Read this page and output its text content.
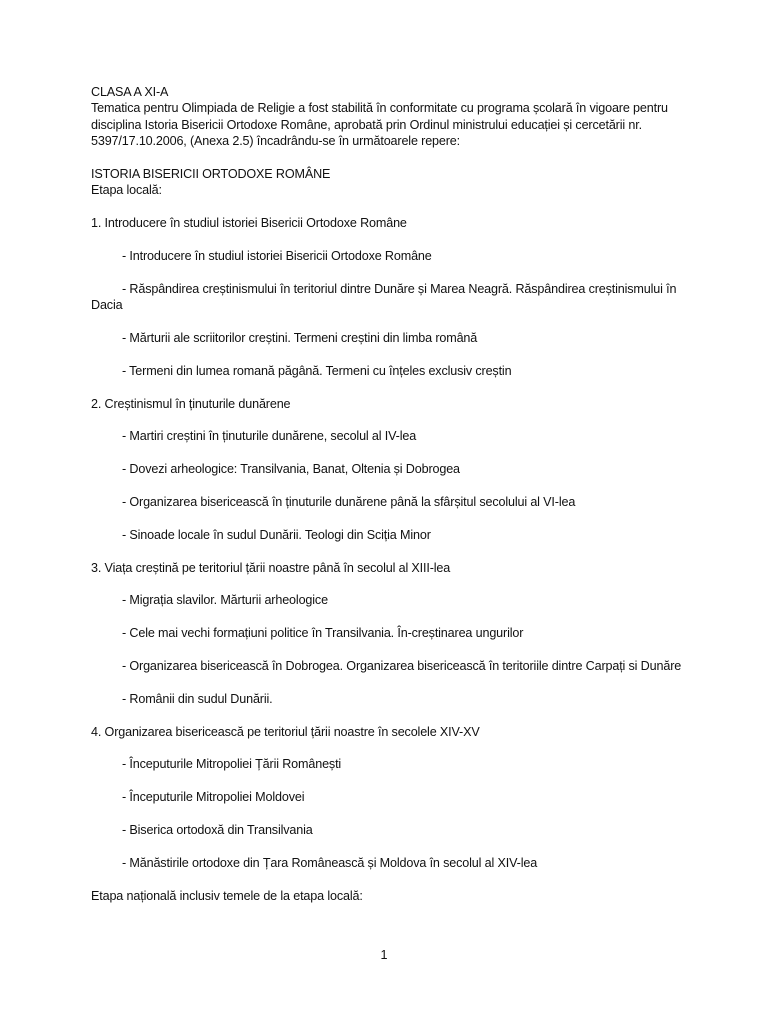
CLASA A XI-A

Tematica pentru Olimpiada de Religie a fost stabilită în conformitate cu programa școlară în vigoare pentru disciplina Istoria Bisericii Ortodoxe Române, aprobată prin Ordinul ministrului educației și cercetării nr. 5397/17.10.2006, (Anexa 2.5) încadrându-se în următoarele repere:

ISTORIA BISERICII ORTODOXE ROMÂNE

Etapa locală:

1. Introducere în studiul istoriei Bisericii Ortodoxe Române

- Introducere în studiul istoriei Bisericii Ortodoxe Române

- Răspândirea creștinismului în teritoriul dintre Dunăre și Marea Neagră. Răspândirea creștinismului în Dacia

- Mărturii ale scriitorilor creștini. Termeni creștini din limba română

- Termeni din lumea romană păgână. Termeni cu înțeles exclusiv creștin

2. Creștinismul în ținuturile dunărene

- Martiri creștini în ținuturile dunărene, secolul al IV-lea

- Dovezi arheologice: Transilvania, Banat, Oltenia și Dobrogea

- Organizarea bisericească în ținuturile dunărene până la sfârșitul secolului al VI-lea

- Sinoade locale în sudul Dunării. Teologi din Sciția Minor

3. Viața creștină pe teritoriul țării noastre până în secolul al XIII-lea

- Migrația slavilor. Mărturii arheologice

- Cele mai vechi formațiuni politice în Transilvania. În-creștinarea ungurilor

- Organizarea bisericească în Dobrogea. Organizarea bisericească în teritoriile dintre Carpați si Dunăre

- Românii din sudul Dunării.

4. Organizarea bisericească pe teritoriul țării noastre în secolele XIV-XV

- Începuturile Mitropoliei Țării Românești

- Începuturile Mitropoliei Moldovei

- Biserica ortodoxă din Transilvania

- Mănăstirile ortodoxe din Țara Românească și Moldova în secolul al XIV-lea

Etapa națională inclusiv temele de la etapa locală:

1
